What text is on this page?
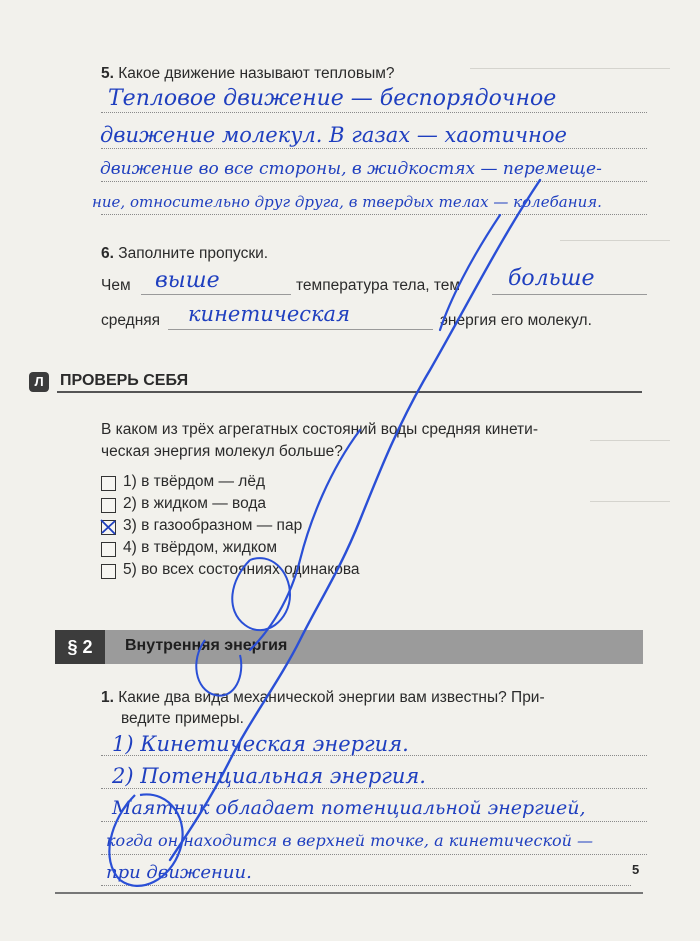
5. Какое движение называют тепловым?
Тепловое движение — беспорядочное
движение молекул. В газах — хаотичное
движение во все стороны, в жидкостях — перемеще-
ние, относительно друг друга, в твердых телах — колебания.
6. Заполните пропуски.
Чем выше	температура тела, тем больше
средняя кинетическая	энергия его молекул.
Л	ПРОВЕРЬ СЕБЯ
В каком из трёх агрегатных состояний воды средняя кинети-
ческая энергия молекул больше?
1) в твёрдом — лёд
2) в жидком — вода
3) в газообразном — пар
4) в твёрдом, жидком
5) во всех состояниях одинакова
§ 2	Внутренняя энергия
1. Какие два вида механической энергии вам известны? При-
ведите примеры.
1) Кинетическая энергия.
2) Потенциальная энергия.
Маятник обладает потенциальной энергией,
когда он находится в верхней точке, а кинетической —
при движении.	5
